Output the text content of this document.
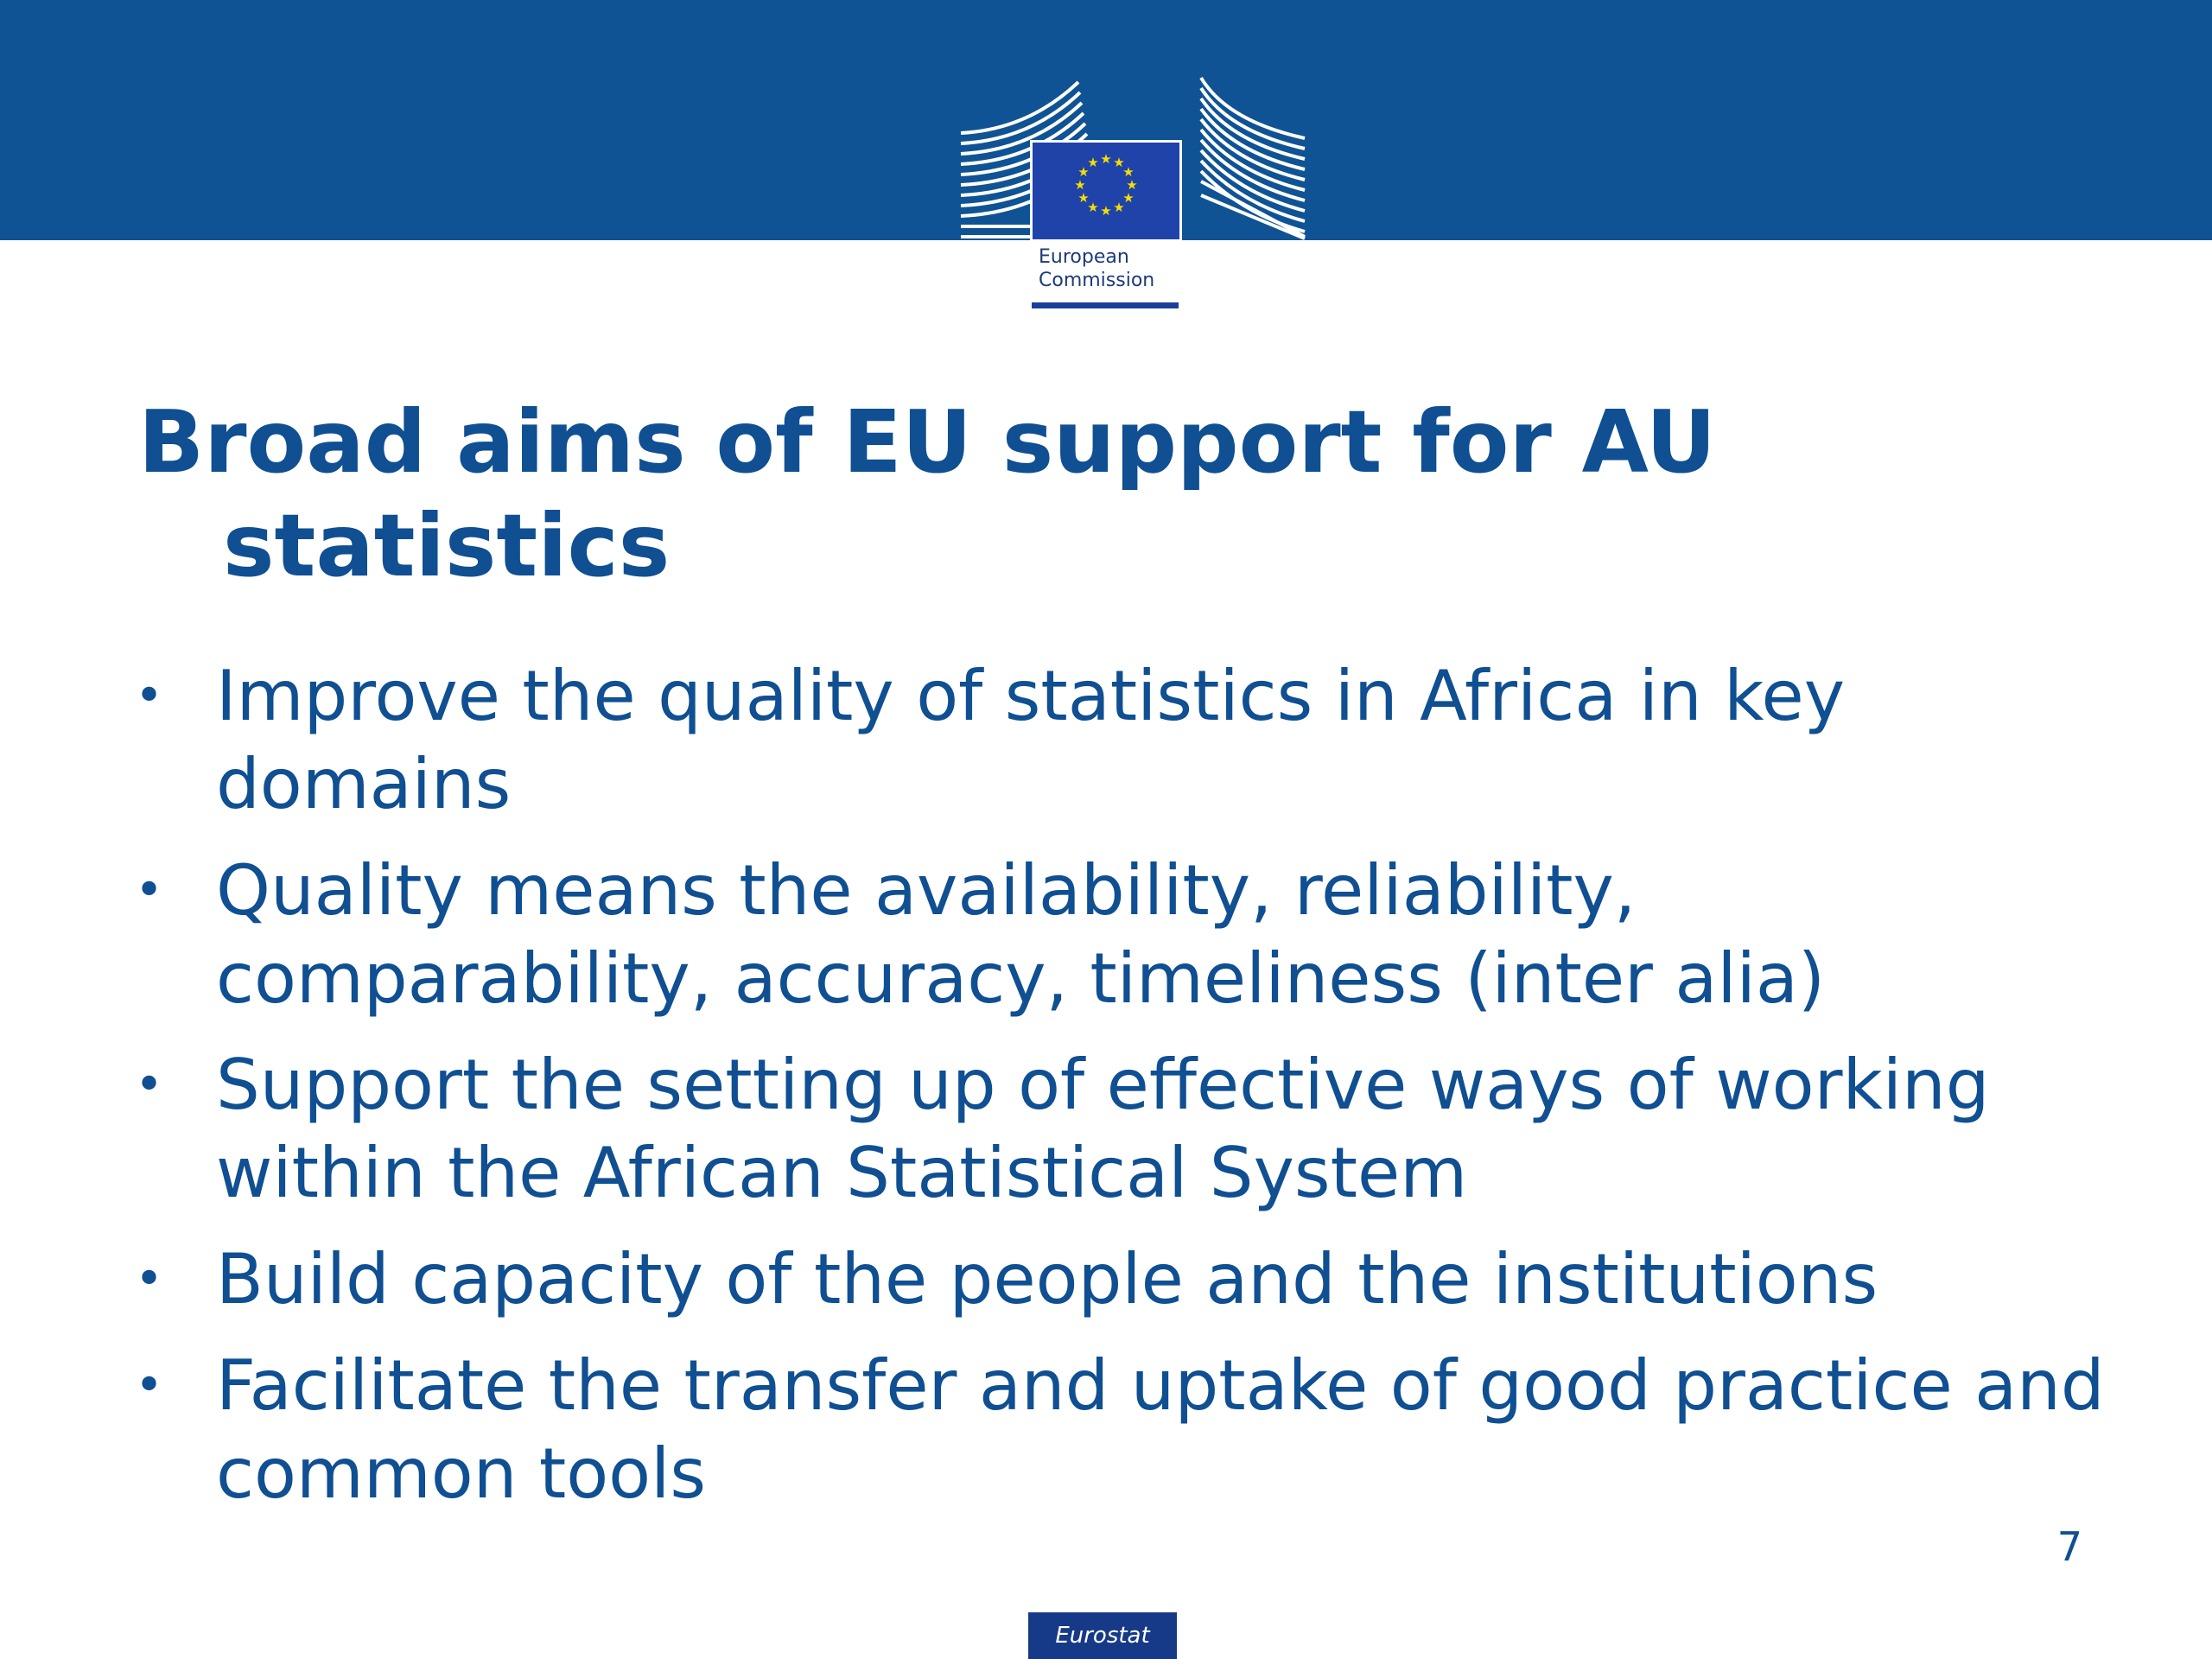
★ ★
★
★
★
★
★
★
★
★
★
★
European
Commission
Broad aims of EU support for AU statistics
• Improve the quality of statistics in Africa in key domains
• Quality means the availability, reliability, comparability, accuracy, timeliness (inter alia)
• Support the setting up of effective ways of working within the African Statistical System
• Build capacity of the people and the institutions
• Facilitate the transfer and uptake of good practice and common tools
7
Eurostat
